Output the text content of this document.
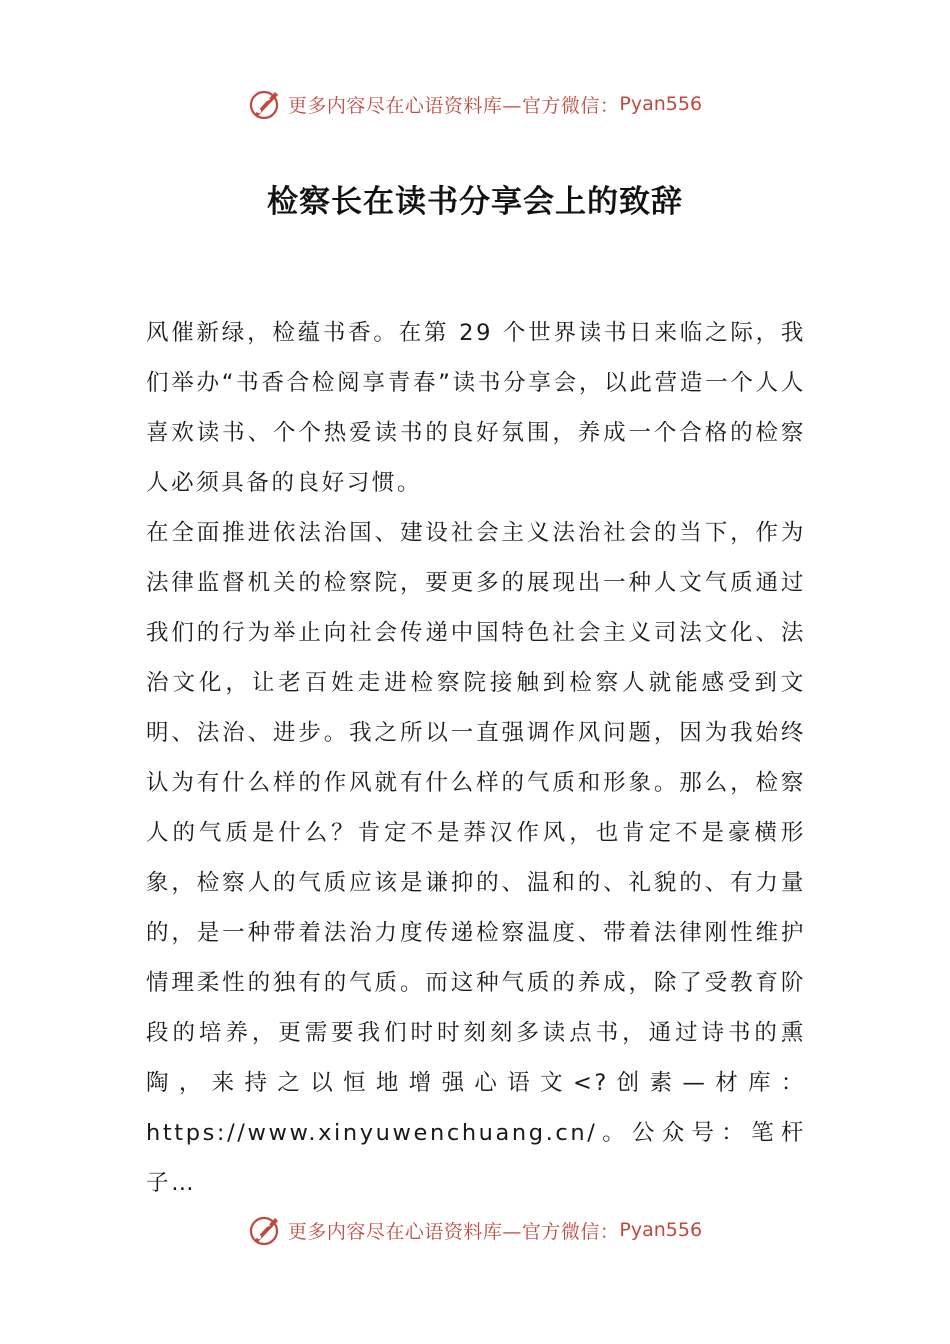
更多内容尽在心语资料库—官方微信： Pyan556
检察长在读书分享会上的致辞

风催新绿，检蕴书香。在第 29 个世界读书日来临之际，我们举办“书香合检阅享青春”读书分享会，以此营造一个人人喜欢读书、个个热爱读书的良好氛围，养成一个合格的检察人必须具备的良好习惯。

在全面推进依法治国、建设社会主义法治社会的当下，作为法律监督机关的检察院，要更多的展现出一种人文气质通过我们的行为举止向社会传递中国特色社会主义司法文化、法治文化，让老百姓走进检察院接触到检察人就能感受到文明、法治、进步。我之所以一直强调作风问题，因为我始终认为有什么样的作风就有什么样的气质和形象。那么，检察人的气质是什么？肯定不是莽汉作风，也肯定不是豪横形象，检察人的气质应该是谦抑的、温和的、礼貌的、有力量的，是一种带着法治力度传递检察温度、带着法律刚性维护情理柔性的独有的气质。而这种气质的养成，除了受教育阶段的培养，更需要我们时时刻刻多读点书，通过诗书的熏陶，来持之以恒地增强心语文<?创素—材库：https://www.xinyuwenchuang.cn/。公众号：笔杆子…

更多内容尽在心语资料库—官方微信： Pyan556
